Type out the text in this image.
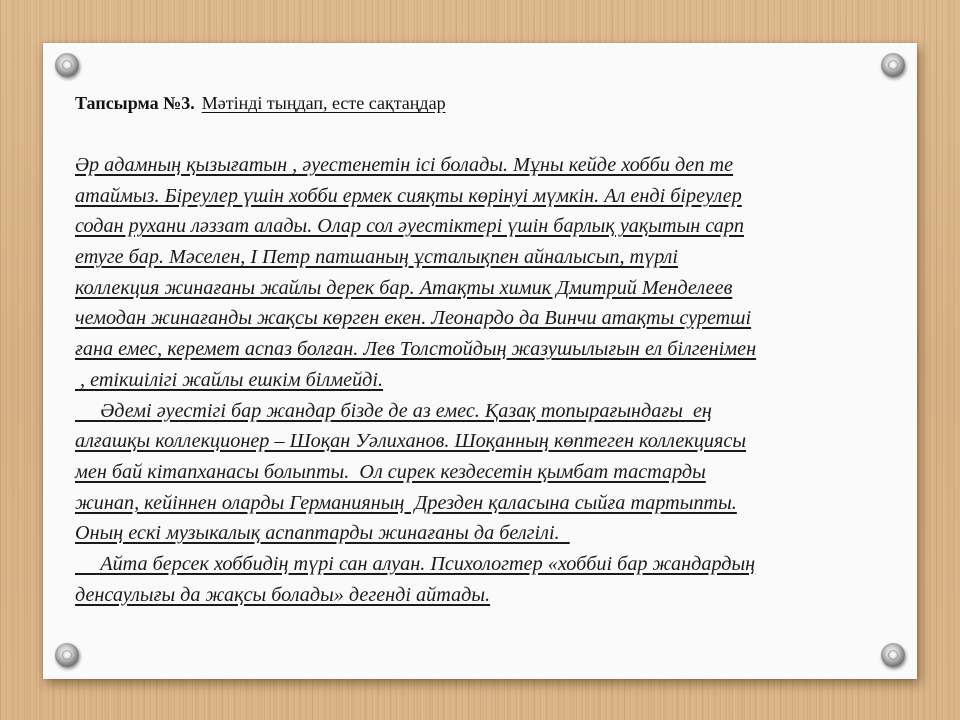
Тапсырма №3. Мәтінді тыңдап, есте сақтаңдар
Әр адамның қызығатын , әуестенетін ісі болады. Мұны кейде хобби деп те
атаймыз. Біреулер үшін хобби ермек сияқты көрінуі мүмкін. Ал енді біреулер
содан рухани ләззат алады. Олар сол әуестіктері үшін барлық уақытын сарп
етуге бар. Мәселен, І Петр патшаның ұсталықпен айналысып, түрлі
коллекция жинағаны жайлы дерек бар. Атақты химик Дмитрий Менделеев
чемодан жинағанды жақсы көрген екен. Леонардо да Винчи атақты суретші
ғана емес, керемет аспаз болған. Лев Толстойдың жазушылығын ел білгенімен
, етікшілігі жайлы ешкім білмейді.
Әдемі әуестігі бар жандар бізде де аз емес. Қазақ топырағындағы  ең
алғашқы коллекционер – Шоқан Уәлиханов. Шоқанның көптеген коллекциясы
мен бай кітапханасы болыпты.  Ол сирек кездесетін қымбат тастарды
жинап, кейіннен оларды Германияның  Дрезден қаласына сыйға тартыпты.
Оның ескі музыкалық аспаптарды жинағаны да белгілі.
Айта берсек хоббидің түрі сан алуан. Психологтер «хоббиі бар жандардың
денсаулығы да жақсы болады» дегенді айтады.
